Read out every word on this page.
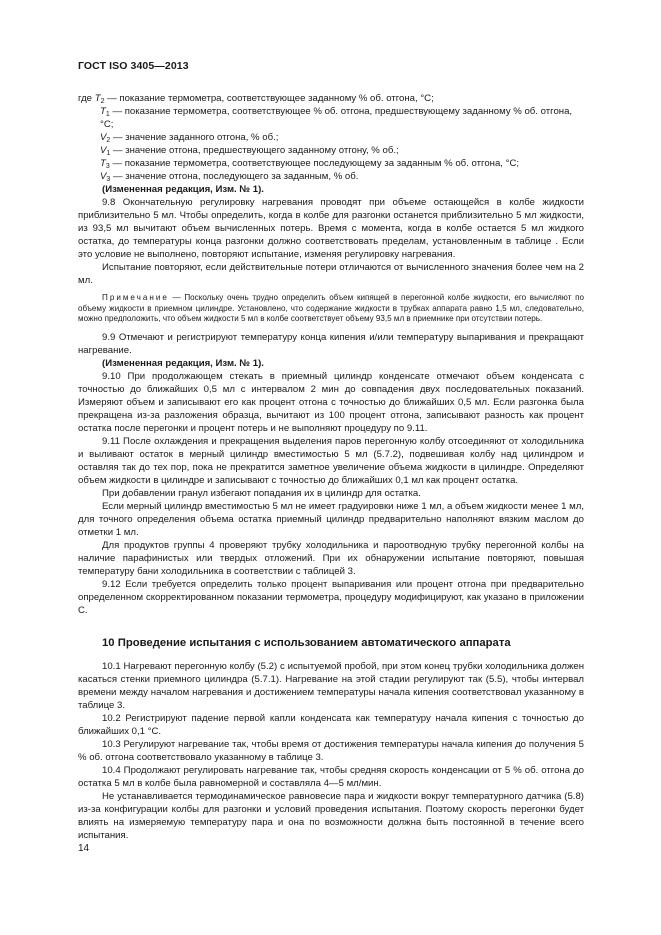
ГОСТ ISO 3405—2013

где $T_2$ — показание термометра, соответствующее заданному % об. отгона, °С;

$T_1$ — показание термометра, соответствующее % об. отгона, предшествующему заданному % об. отгона, °С;

$V_2$ — значение заданного отгона, % об.;

$V_1$ — значение отгона, предшествующего заданному отгону, % об.;

$T_3$ — показание термометра, соответствующее последующему за заданным % об. отгона, °С;

$V_3$ — значение отгона, последующего за заданным, % об.

(Измененная редакция, Изм. № 1).

9.8 Окончательную регулировку нагревания проводят при объеме остающейся в колбе жидкости приблизительно 5 мл. Чтобы определить, когда в колбе для разгонки останется приблизительно 5 мл жидкости, из 93,5 мл вычитают объем вычисленных потерь. Время с момента, когда в колбе остается 5 мл жидкого остатка, до температуры конца разгонки должно соответствовать пределам, установленным в таблице . Если это условие не выполнено, повторяют испытание, изменяя регулировку нагревания.

Испытание повторяют, если действительные потери отличаются от вычисленного значения более чем на 2 мл.

Примечание — Поскольку очень трудно определить объем кипящей в перегонной колбе жидкости, его вычисляют по объему жидкости в приемном цилиндре. Установлено, что содержание жидкости в трубках аппарата равно 1,5 мл, следовательно, можно предположить, что объем жидкости 5 мл в колбе соответствует объему 93,5 мл в приемнике при отсутствии потерь.

9.9 Отмечают и регистрируют температуру конца кипения и/или температуру выпаривания и прекращают нагревание.

(Измененная редакция, Изм. № 1).

9.10 При продолжающем стекать в приемный цилиндр конденсате отмечают объем конденсата с точностью до ближайших 0,5 мл с интервалом 2 мин до совпадения двух последовательных показаний. Измеряют объем и записывают его как процент отгона с точностью до ближайших 0,5 мл. Если разгонка была прекращена из-за разложения образца, вычитают из 100 процент отгона, записывают разность как процент остатка после перегонки и процент потерь и не выполняют процедуру по 9.11.

9.11 После охлаждения и прекращения выделения паров перегонную колбу отсоединяют от холодильника и выливают остаток в мерный цилиндр вместимостью 5 мл (5.7.2), подвешивая колбу над цилиндром и оставляя так до тех пор, пока не прекратится заметное увеличение объема жидкости в цилиндре. Определяют объем жидкости в цилиндре и записывают с точностью до ближайших 0,1 мл как процент остатка.

При добавлении гранул избегают попадания их в цилиндр для остатка.

Если мерный цилиндр вместимостью 5 мл не имеет градуировки ниже 1 мл, а объем жидкости менее 1 мл, для точного определения объема остатка приемный цилиндр предварительно наполняют вязким маслом до отметки 1 мл.

Для продуктов группы 4 проверяют трубку холодильника и пароотводную трубку перегонной колбы на наличие парафинистых или твердых отложений. При их обнаружении испытание повторяют, повышая температуру бани холодильника в соответствии с таблицей 3.

9.12 Если требуется определить только процент выпаривания или процент отгона при предварительно определенном скорректированном показании термометра, процедуру модифицируют, как указано в приложении С.

10 Проведение испытания с использованием автоматического аппарата

10.1 Нагревают перегонную колбу (5.2) с испытуемой пробой, при этом конец трубки холодильника должен касаться стенки приемного цилиндра (5.7.1). Нагревание на этой стадии регулируют так (5.5), чтобы интервал времени между началом нагревания и достижением температуры начала кипения соответствовал указанному в таблице 3.

10.2 Регистрируют падение первой капли конденсата как температуру начала кипения с точностью до ближайших 0,1 °С.

10.3 Регулируют нагревание так, чтобы время от достижения температуры начала кипения до получения 5 % об. отгона соответствовало указанному в таблице 3.

10.4 Продолжают регулировать нагревание так, чтобы средняя скорость конденсации от 5 % об. отгона до остатка 5 мл в колбе была равномерной и составляла 4—5 мл/мин.

Не устанавливается термодинамическое равновесие пара и жидкости вокруг температурного датчика (5.8) из-за конфигурации колбы для разгонки и условий проведения испытания. Поэтому скорость перегонки будет влиять на измеряемую температуру пара и она по возможности должна быть постоянной в течение всего испытания.

14
